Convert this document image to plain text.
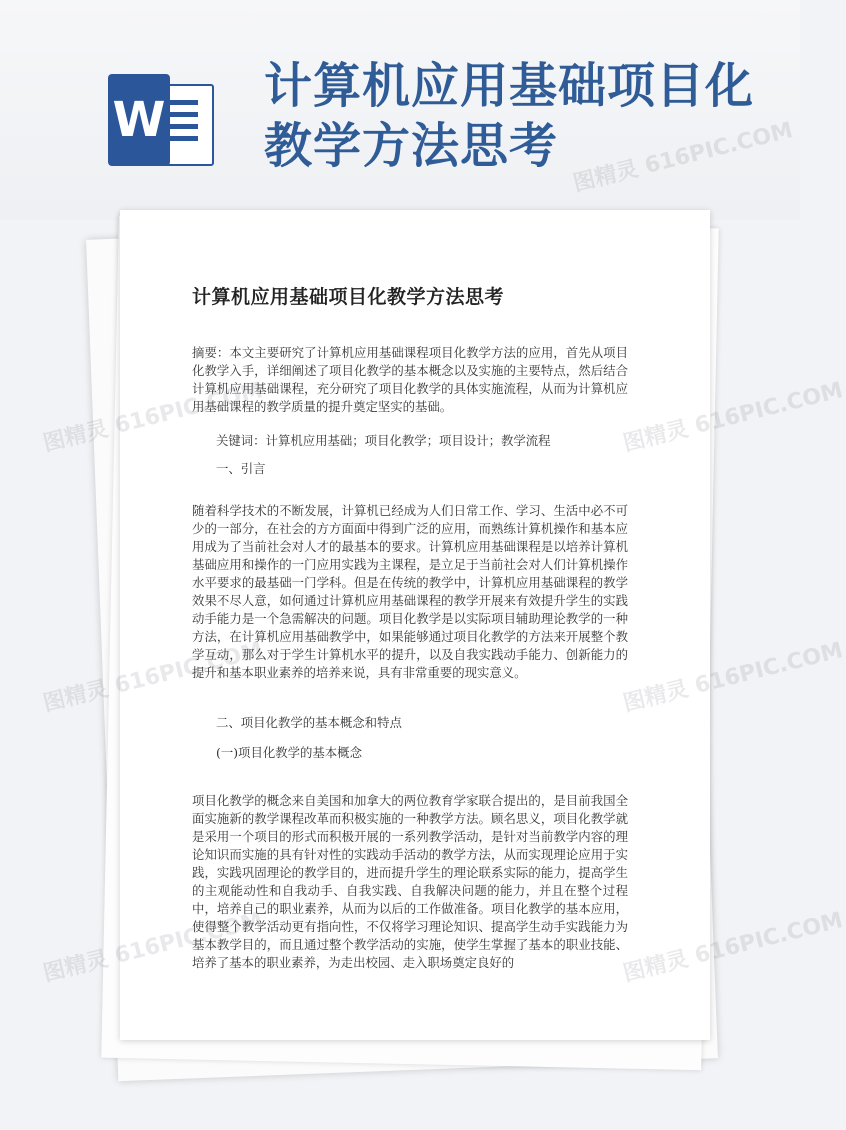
W
计算机应用基础项目化教学方法思考
计算机应用基础项目化教学方法思考
摘要：本文主要研究了计算机应用基础课程项目化教学方法的应用，首先从项目化教学入手，详细阐述了项目化教学的基本概念以及实施的主要特点，然后结合计算机应用基础课程，充分研究了项目化教学的具体实施流程，从而为计算机应用基础课程的教学质量的提升奠定坚实的基础。
关键词：计算机应用基础；项目化教学；项目设计；教学流程
一、引言
随着科学技术的不断发展，计算机已经成为人们日常工作、学习、生活中必不可少的一部分，在社会的方方面面中得到广泛的应用，而熟练计算机操作和基本应用成为了当前社会对人才的最基本的要求。计算机应用基础课程是以培养计算机基础应用和操作的一门应用实践为主课程，是立足于当前社会对人们计算机操作水平要求的最基础一门学科。但是在传统的教学中，计算机应用基础课程的教学效果不尽人意，如何通过计算机应用基础课程的教学开展来有效提升学生的实践动手能力是一个急需解决的问题。项目化教学是以实际项目辅助理论教学的一种方法，在计算机应用基础教学中，如果能够通过项目化教学的方法来开展整个教学互动，那么对于学生计算机水平的提升，以及自我实践动手能力、创新能力的提升和基本职业素养的培养来说，具有非常重要的现实意义。
二、项目化教学的基本概念和特点
(一)项目化教学的基本概念
项目化教学的概念来自美国和加拿大的两位教育学家联合提出的，是目前我国全面实施新的教学课程改革而积极实施的一种教学方法。顾名思义，项目化教学就是采用一个项目的形式而积极开展的一系列教学活动，是针对当前教学内容的理论知识而实施的具有针对性的实践动手活动的教学方法，从而实现理论应用于实践，实践巩固理论的教学目的，进而提升学生的理论联系实际的能力，提高学生的主观能动性和自我动手、自我实践、自我解决问题的能力，并且在整个过程中，培养自己的职业素养，从而为以后的工作做准备。项目化教学的基本应用，使得整个教学活动更有指向性，不仅将学习理论知识、提高学生动手实践能力为基本教学目的，而且通过整个教学活动的实施，使学生掌握了基本的职业技能、培养了基本的职业素养，为走出校园、走入职场奠定良好的
图精灵	图精灵 616PIC.COM
图精灵	图精灵 616PIC.COM
图精灵	图精灵 616PIC.COM
